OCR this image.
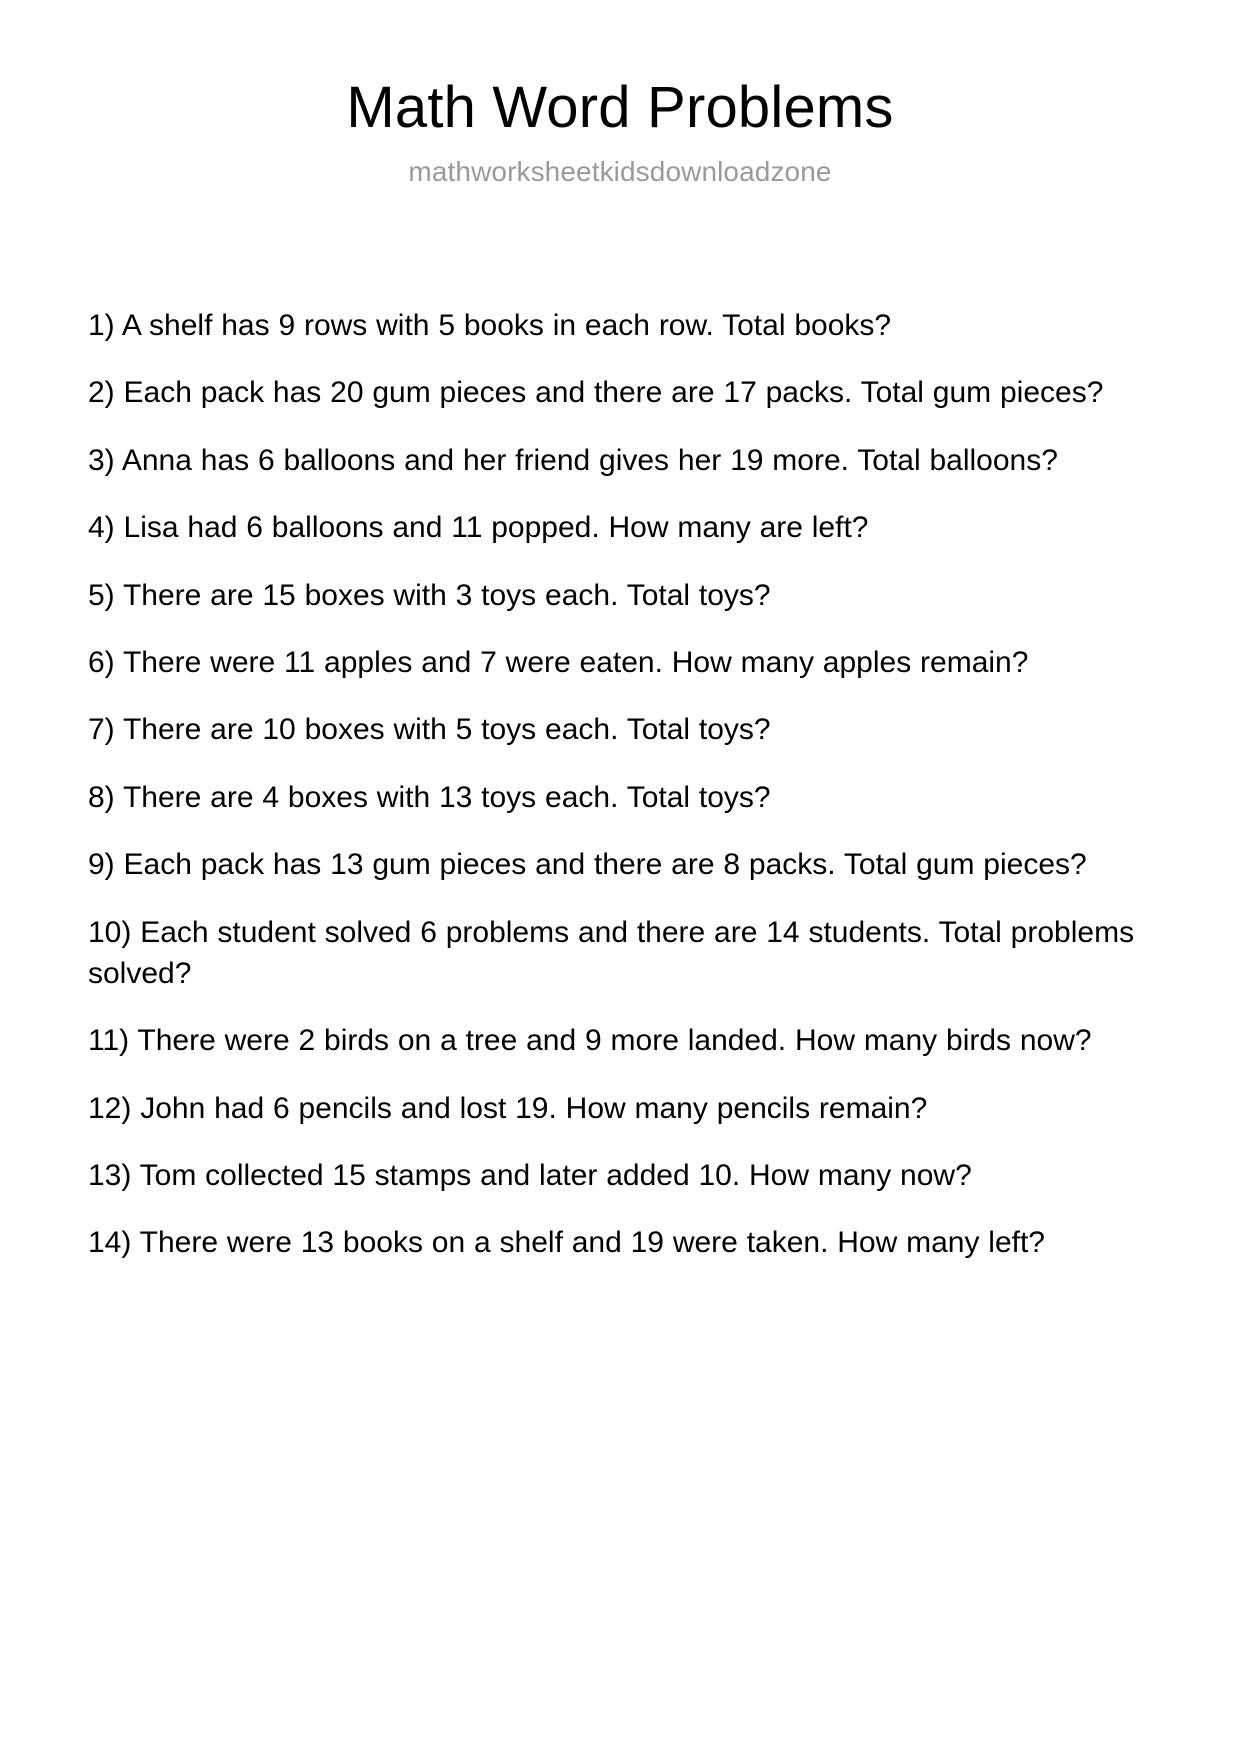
Math Word Problems
mathworksheetkidsdownloadzone
1) A shelf has 9 rows with 5 books in each row. Total books?
2) Each pack has 20 gum pieces and there are 17 packs. Total gum pieces?
3) Anna has 6 balloons and her friend gives her 19 more. Total balloons?
4) Lisa had 6 balloons and 11 popped. How many are left?
5) There are 15 boxes with 3 toys each. Total toys?
6) There were 11 apples and 7 were eaten. How many apples remain?
7) There are 10 boxes with 5 toys each. Total toys?
8) There are 4 boxes with 13 toys each. Total toys?
9) Each pack has 13 gum pieces and there are 8 packs. Total gum pieces?
10) Each student solved 6 problems and there are 14 students. Total problems solved?
11) There were 2 birds on a tree and 9 more landed. How many birds now?
12) John had 6 pencils and lost 19. How many pencils remain?
13) Tom collected 15 stamps and later added 10. How many now?
14) There were 13 books on a shelf and 19 were taken. How many left?
